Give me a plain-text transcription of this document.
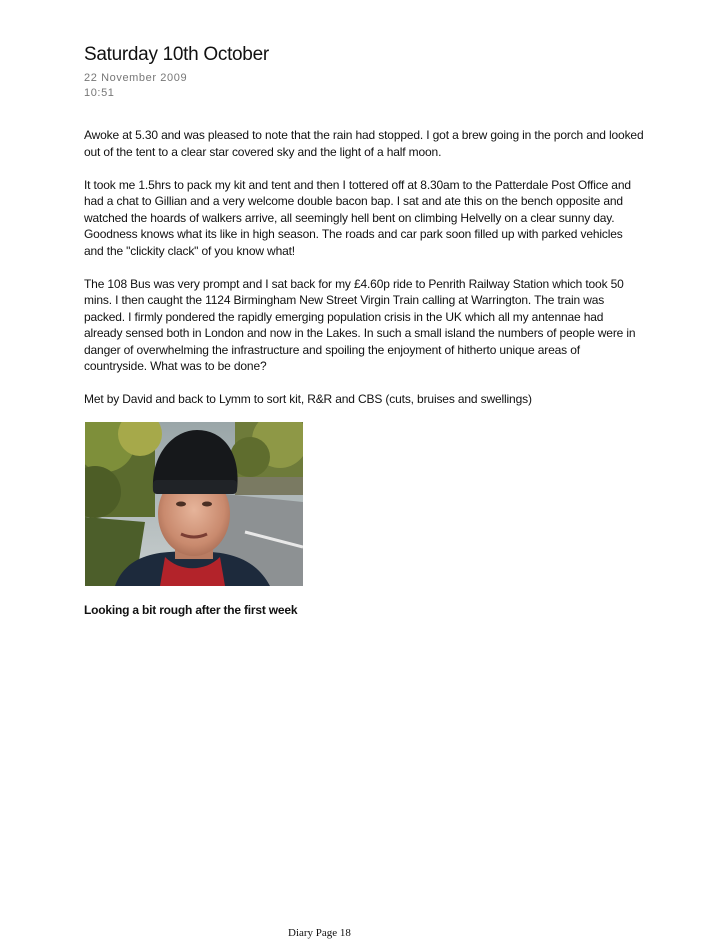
Saturday 10th October
22 November 2009
10:51

Awoke at 5.30 and was pleased to note that the rain had stopped. I got a brew going in the porch and looked out of the tent to a clear star covered sky and the light of a half moon.

It took me 1.5hrs to pack my kit and tent and then I tottered off at 8.30am to the Patterdale Post Office and had a chat to Gillian and a very welcome double bacon bap. I sat and ate this on the bench opposite and watched the hoards of walkers arrive, all seemingly hell bent on climbing Helvelly on a clear sunny day. Goodness knows what its like in high season. The roads and car park soon filled up with parked vehicles and the "clickity clack" of you know what!

The 108 Bus was very prompt and I sat back for my £4.60p ride to Penrith Railway Station which took 50 mins. I then caught the 1124 Birmingham New Street Virgin Train calling at Warrington. The train was packed. I firmly pondered the rapidly emerging population crisis in the UK which all my antennae had already sensed both in London and now in the Lakes. In such a small island the numbers of people were in danger of overwhelming the infrastructure and spoiling the enjoyment of hitherto unique areas of countryside. What was to be done?

Met by David and back to Lymm to sort kit, R&R and CBS (cuts, bruises and swellings)

Looking a bit rough after the first week
Diary Page 18
